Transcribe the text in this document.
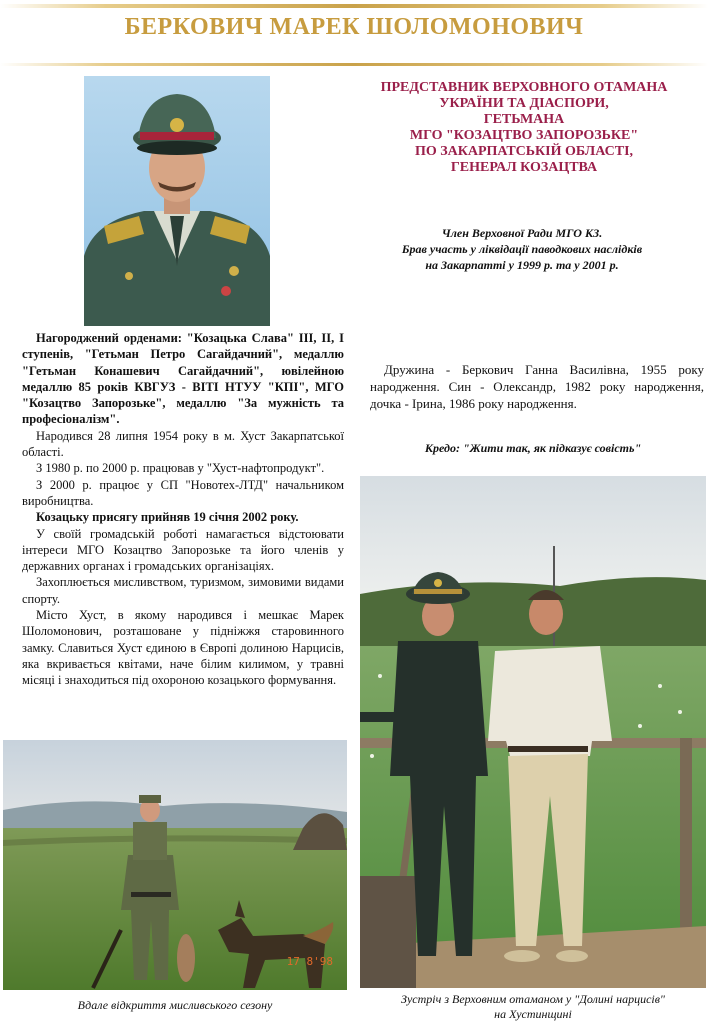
БЕРКОВИЧ МАРЕК ШОЛОМОНОВИЧ
ПРЕДСТАВНИК ВЕРХОВНОГО ОТАМАНА
УКРАЇНИ ТА ДІАСПОРИ,
ГЕТЬМАНА
МГО "КОЗАЦТВО ЗАПОРОЗЬКЕ"
ПО ЗАКАРПАТСЬКІЙ ОБЛАСТІ,
ГЕНЕРАЛ КОЗАЦТВА
Член Верховної Ради МГО КЗ.
Брав участь у ліквідації паводкових наслідків
на Закарпатті у 1999 р. та у 2001 р.

Нагороджений орденами: "Козацька Слава" ІІІ, ІІ, І ступенів, "Гетьман Петро Сагайдачний", медаллю "Гетьман Конашевич Сагайдачний", ювілейною медаллю 85 років КВГУЗ - ВІТІ НТУУ "КПІ", МГО "Козацтво Запорозьке", медаллю "За мужність та професіоналізм".

Народився 28 липня 1954 року в м. Хуст Закарпатської області.

З 1980 р. по 2000 р. працював у "Хуст-нафтопродукт".

З 2000 р. працює у СП "Новотех-ЛТД" начальником виробництва.

Козацьку присягу прийняв 19 січня 2002 року.

У своїй громадській роботі намагається відстоювати інтереси МГО Козацтво Запорозьке та його членів у державних органах і громадських організаціях.

Захоплюється мисливством, туризмом, зимовими видами спорту.

Місто Хуст, в якому народився і мешкає Марек Шоломонович, розташоване у підніжжя старовинного замку. Славиться Хуст єдиною в Європі долиною Нарцисів, яка вкривається квітами, наче білим килимом, у травні місяці і знаходиться під охороною козацького формування.

Дружина - Беркович Ганна Василівна, 1955 року народження. Син - Олександр, 1982 року народження, дочка - Ірина, 1986 року народження.
Кредо: "Жити так, як підказує совість"
17 8'98
Вдале відкриття мисливського сезону	Зустріч з Верховним отаманом у "Долині нарцисів"
на Хустинщині
